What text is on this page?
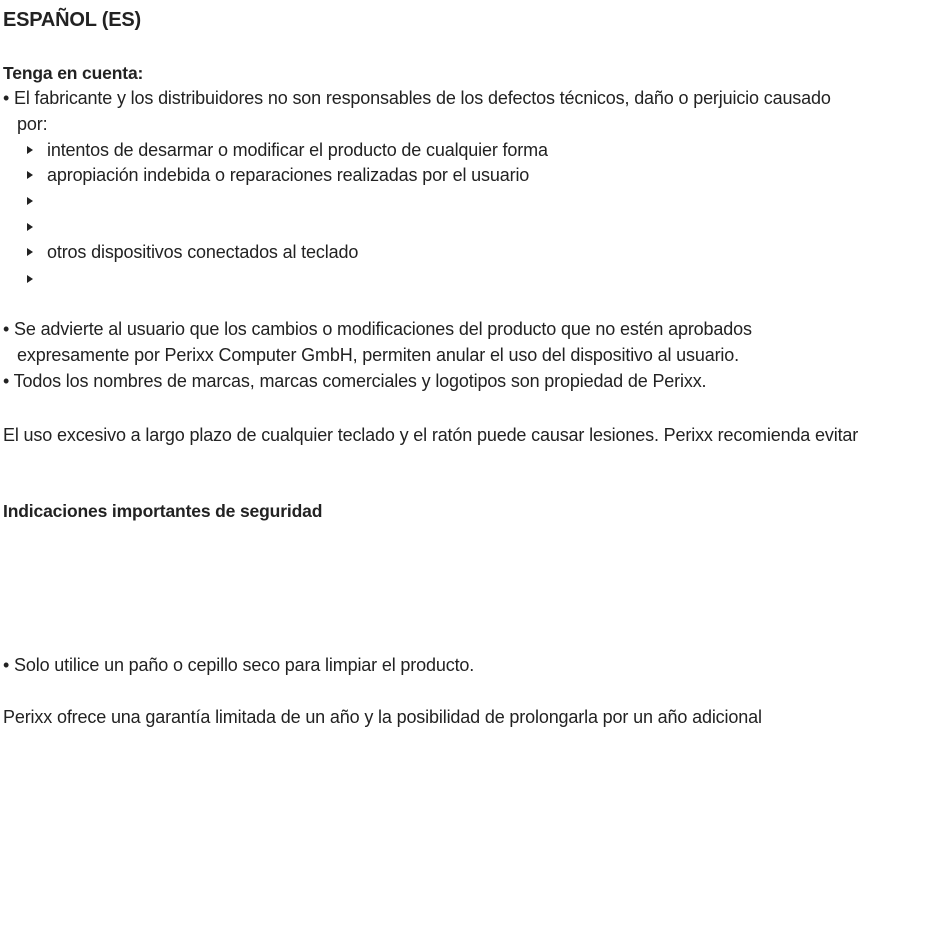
ESPAÑOL (ES)
Tenga en cuenta:
• El fabricante y los distribuidores no son responsables de los defectos técnicos, daño o perjuicio causado
por:
intentos de desarmar o modificar el producto de cualquier forma
apropiación indebida o reparaciones realizadas por el usuario
otros dispositivos conectados al teclado
• Se advierte al usuario que los cambios o modificaciones del producto que no estén aprobados
expresamente por Perixx Computer GmbH, permiten anular el uso del dispositivo al usuario.
• Todos los nombres de marcas, marcas comerciales y logotipos son propiedad de Perixx.
El uso excesivo a largo plazo de cualquier teclado y el ratón puede causar lesiones. Perixx recomienda evitar
Indicaciones importantes de seguridad
• Solo utilice un paño o cepillo seco para limpiar el producto.
Perixx ofrece una garantía limitada de un año y la posibilidad de prolongarla por un año adicional
